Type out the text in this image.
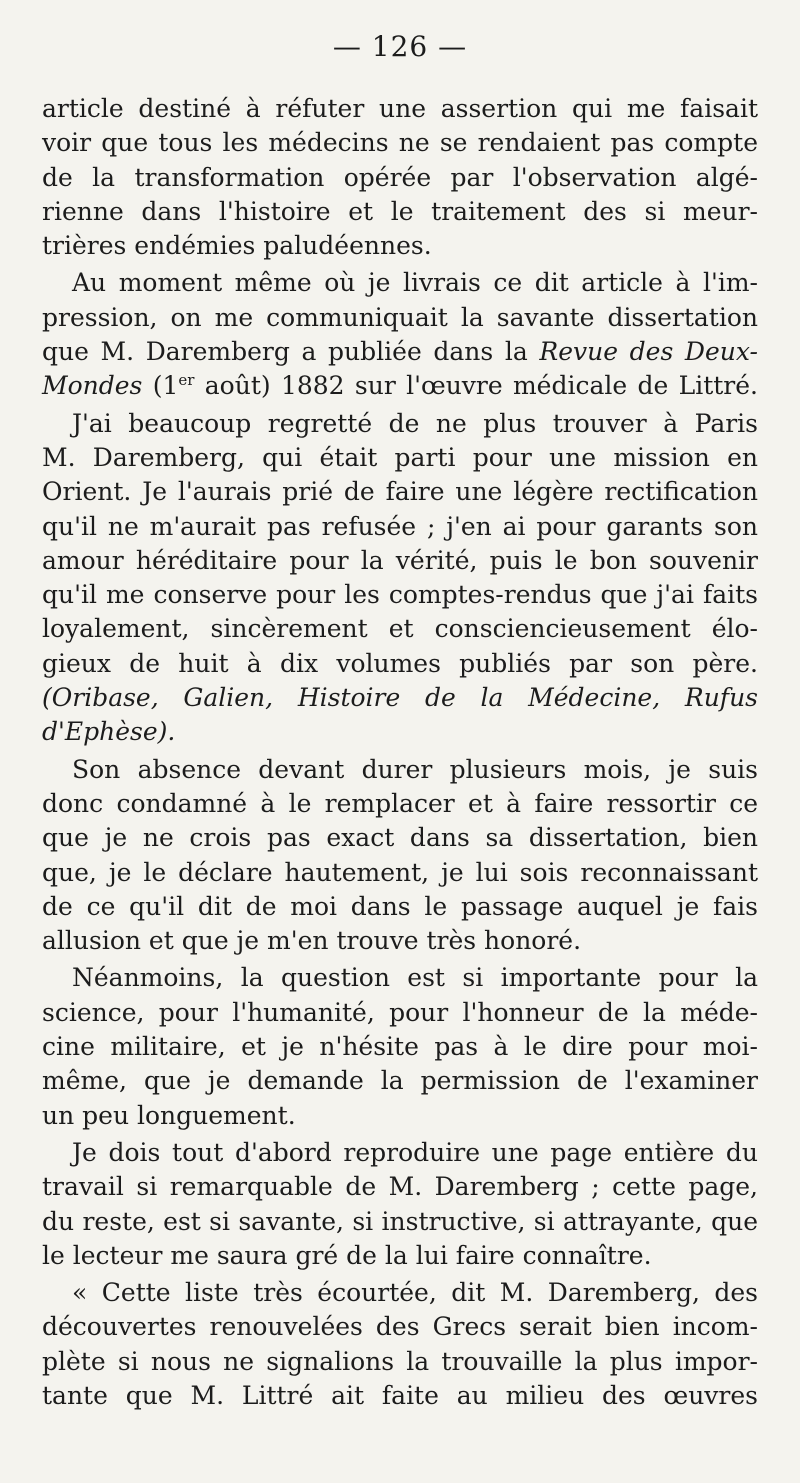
— 126 —
article destiné à réfuter une assertion qui me faisait
voir que tous les médecins ne se rendaient pas compte
de la transformation opérée par l'observation algé-
rienne dans l'histoire et le traitement des si meur-
trières endémies paludéennes.
Au moment même où je livrais ce dit article à l'im-
pression, on me communiquait la savante dissertation
que M. Daremberg a publiée dans la Revue des Deux-
Mondes (1er août) 1882 sur l'œuvre médicale de Littré.
J'ai beaucoup regretté de ne plus trouver à Paris
M. Daremberg, qui était parti pour une mission en
Orient. Je l'aurais prié de faire une légère rectification
qu'il ne m'aurait pas refusée ; j'en ai pour garants son
amour héréditaire pour la vérité, puis le bon souvenir
qu'il me conserve pour les comptes-rendus que j'ai faits
loyalement, sincèrement et consciencieusement élo-
gieux de huit à dix volumes publiés par son père.
(Oribase, Galien, Histoire de la Médecine, Rufus
d'Ephèse).
Son absence devant durer plusieurs mois, je suis
donc condamné à le remplacer et à faire ressortir ce
que je ne crois pas exact dans sa dissertation, bien
que, je le déclare hautement, je lui sois reconnaissant
de ce qu'il dit de moi dans le passage auquel je fais
allusion et que je m'en trouve très honoré.
Néanmoins, la question est si importante pour la
science, pour l'humanité, pour l'honneur de la méde-
cine militaire, et je n'hésite pas à le dire pour moi-
même, que je demande la permission de l'examiner
un peu longuement.
Je dois tout d'abord reproduire une page entière du
travail si remarquable de M. Daremberg ; cette page,
du reste, est si savante, si instructive, si attrayante, que
le lecteur me saura gré de la lui faire connaître.
« Cette liste très écourtée, dit M. Daremberg, des
découvertes renouvelées des Grecs serait bien incom-
plète si nous ne signalions la trouvaille la plus impor-
tante que M. Littré ait faite au milieu des œuvres
